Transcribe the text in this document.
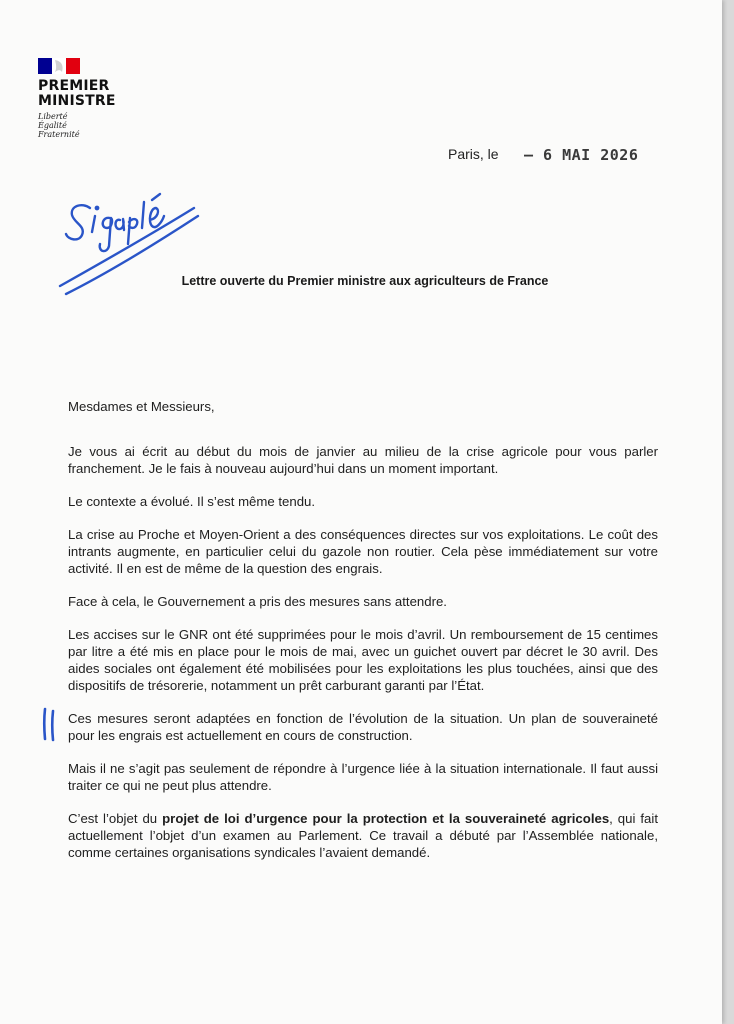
PREMIER
MINISTRE
Liberté
Égalité
Fraternité
Paris, le – 6 MAI 2026
Lettre ouverte du Premier ministre aux agriculteurs de France

Mesdames et Messieurs,

Je vous ai écrit au début du mois de janvier au milieu de la crise agricole pour vous parler franchement. Je le fais à nouveau aujourd’hui dans un moment important.

Le contexte a évolué. Il s’est même tendu.

La crise au Proche et Moyen-Orient a des conséquences directes sur vos exploitations. Le coût des intrants augmente, en particulier celui du gazole non routier. Cela pèse immédiatement sur votre activité. Il en est de même de la question des engrais.

Face à cela, le Gouvernement a pris des mesures sans attendre.

Les accises sur le GNR ont été supprimées pour le mois d’avril. Un remboursement de 15 centimes par litre a été mis en place pour le mois de mai, avec un guichet ouvert par décret le 30 avril. Des aides sociales ont également été mobilisées pour les exploitations les plus touchées, ainsi que des dispositifs de trésorerie, notamment un prêt carburant garanti par l’État.

Ces mesures seront adaptées en fonction de l’évolution de la situation. Un plan de souveraineté pour les engrais est actuellement en cours de construction.

Mais il ne s’agit pas seulement de répondre à l’urgence liée à la situation internationale. Il faut aussi traiter ce qui ne peut plus attendre.

C’est l’objet du projet de loi d’urgence pour la protection et la souveraineté agricoles, qui fait actuellement l’objet d’un examen au Parlement. Ce travail a débuté par l’Assemblée nationale, comme certaines organisations syndicales l’avaient demandé.
